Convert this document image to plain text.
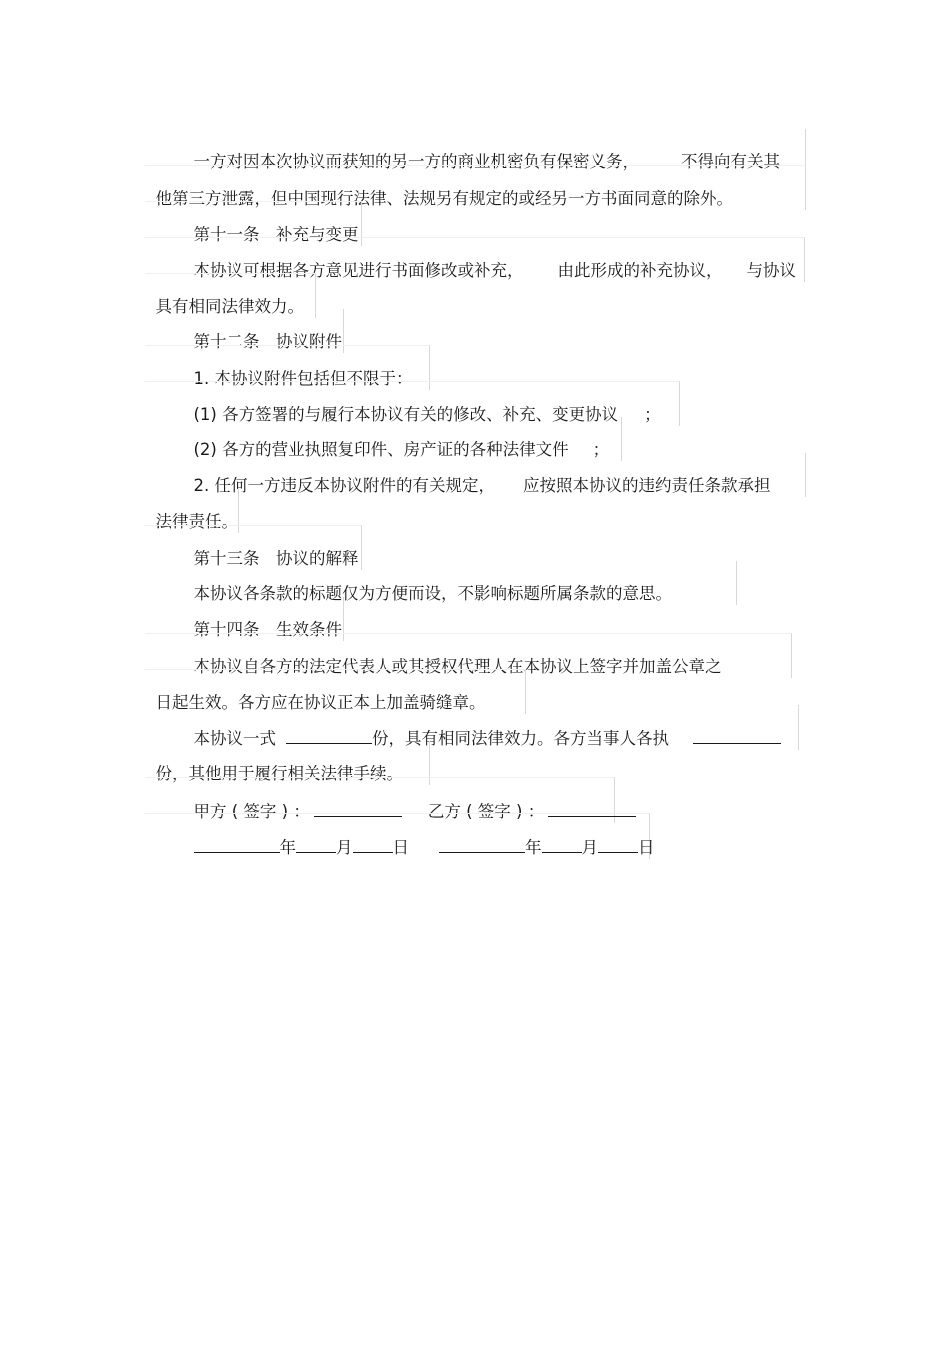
一方对因本次协议而获知的另一方的商业机密负有保密义务，	不得向有关其

他第三方泄露，但中国现行法律、法规另有规定的或经另一方书面同意的除外。

第十一条　补充与变更

本协议可根据各方意见进行书面修改或补充， 由此形成的补充协议， 与协议

具有相同法律效力。

第十二条　协议附件

1. 本协议附件包括但不限于：

(1) 各方签署的与履行本协议有关的修改、补充、变更协议 ；

(2) 各方的营业执照复印件、房产证的各种法律文件 ；

2. 任何一方违反本协议附件的有关规定， 应按照本协议的违约责任条款承担

法律责任。

第十三条　协议的解释

本协议各条款的标题仅为方便而设，不影响标题所属条款的意思。

第十四条　生效条件

本协议自各方的法定代表人或其授权代理人在本协议上签字并加盖公章之

日起生效。各方应在协议正本上加盖骑缝章。

本协议一式	份，具有相同法律效力。各方当事人各执

份，其他用于履行相关法律手续。

甲方 ( 签字 ) ：	乙方 ( 签字 ) ：

年 月 日	年 月 日
